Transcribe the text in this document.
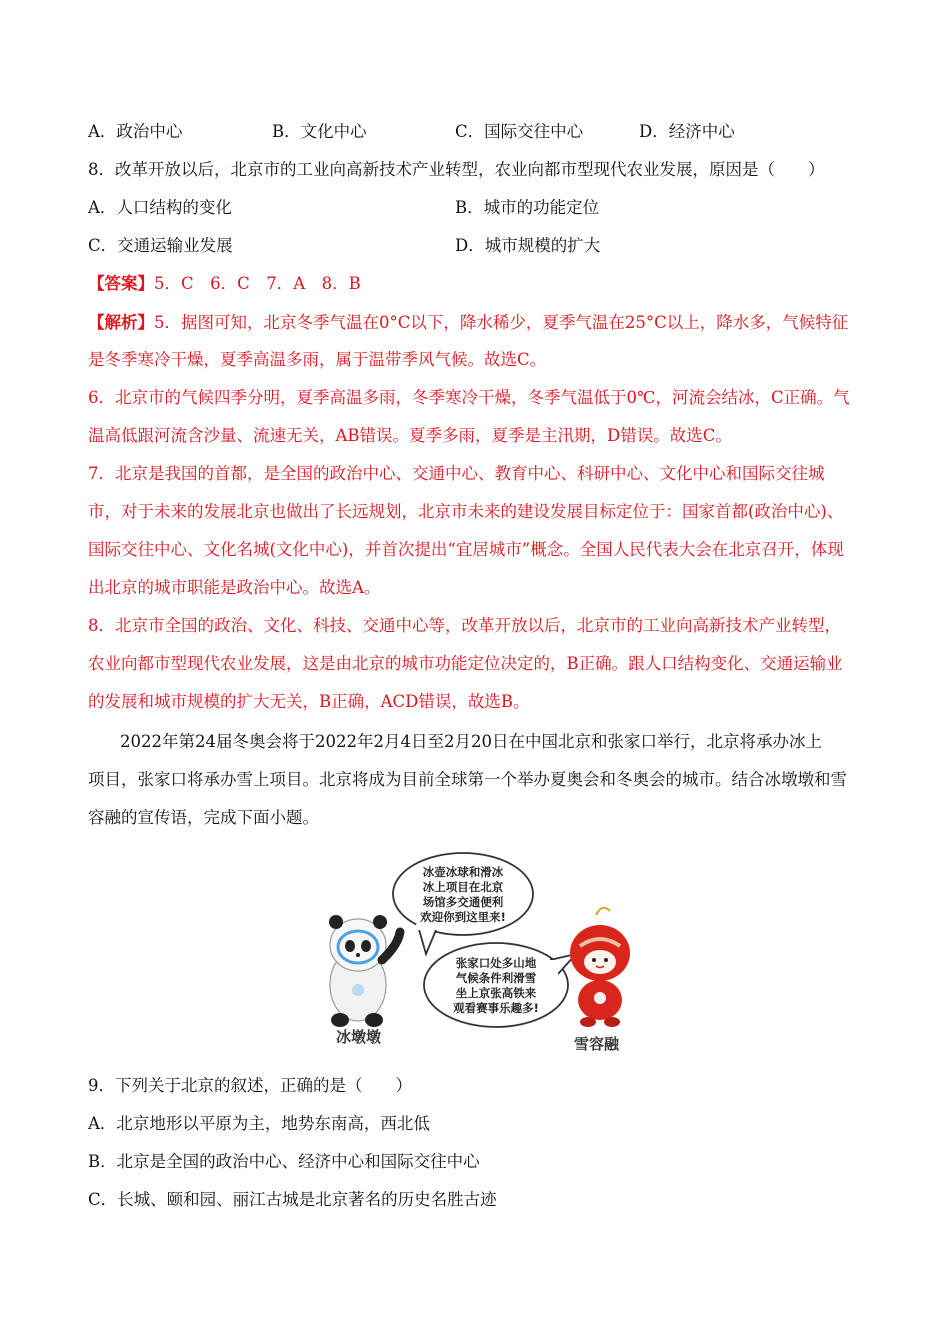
A．政治中心	B．文化中心	C．国际交往中心	D．经济中心
8．改革开放以后，北京市的工业向高新技术产业转型，农业向都市型现代农业发展，原因是（　　）
A．人口结构的变化	B．城市的功能定位
C．交通运输业发展	D．城市规模的扩大
【答案】5．C　6．C　7．A　8．B
【解析】5．据图可知，北京冬季气温在0°C以下，降水稀少，夏季气温在25°C以上，降水多，气候特征
是冬季寒冷干燥，夏季高温多雨，属于温带季风气候。故选C。
6．北京市的气候四季分明，夏季高温多雨，冬季寒冷干燥，冬季气温低于0℃，河流会结冰，C正确。气
温高低跟河流含沙量、流速无关，AB错误。夏季多雨，夏季是主汛期，D错误。故选C。
7．北京是我国的首都，是全国的政治中心、交通中心、教育中心、科研中心、文化中心和国际交往城
市，对于未来的发展北京也做出了长远规划，北京市未来的建设发展目标定位于：国家首都(政治中心)、
国际交往中心、文化名城(文化中心)，并首次提出“宜居城市”概念。全国人民代表大会在北京召开，体现
出北京的城市职能是政治中心。故选A。
8．北京市全国的政治、文化、科技、交通中心等，改革开放以后，北京市的工业向高新技术产业转型，
农业向都市型现代农业发展，这是由北京的城市功能定位决定的，B正确。跟人口结构变化、交通运输业
的发展和城市规模的扩大无关，B正确，ACD错误，故选B。
2022年第24届冬奥会将于2022年2月4日至2月20日在中国北京和张家口举行，北京将承办冰上
项目，张家口将承办雪上项目。北京将成为目前全球第一个举办夏奥会和冬奥会的城市。结合冰墩墩和雪
容融的宣传语，完成下面小题。
冰壶冰球和滑冰
冰上项目在北京
场馆多交通便利
欢迎你到这里来!
张家口处多山地
气候条件利滑雪
坐上京张高铁来
观看赛事乐趣多!
冰墩墩	雪容融
9．下列关于北京的叙述，正确的是（　　）
A．北京地形以平原为主，地势东南高，西北低
B．北京是全国的政治中心、经济中心和国际交往中心
C．长城、颐和园、丽江古城是北京著名的历史名胜古迹
